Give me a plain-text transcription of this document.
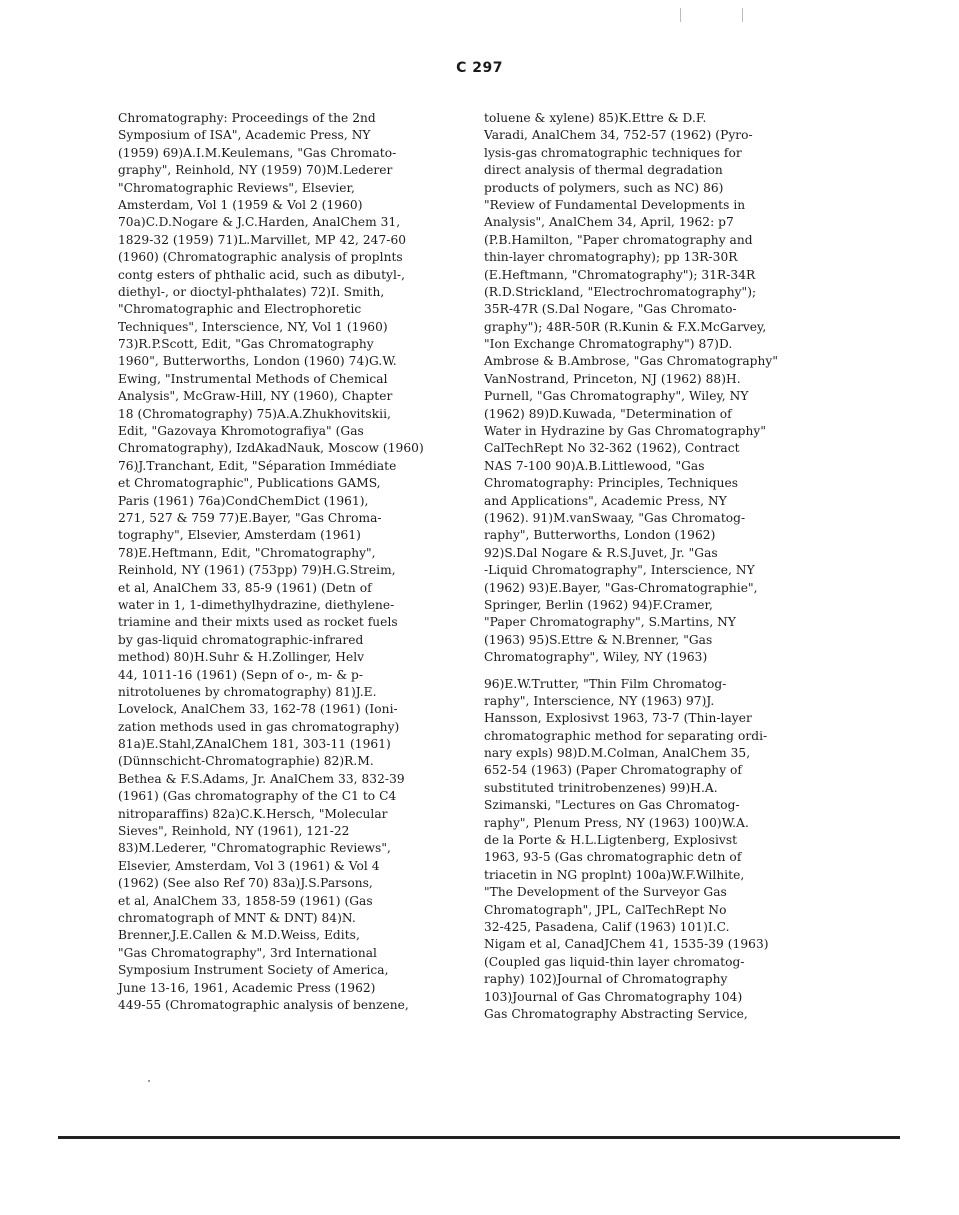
C 297
Chromatography: Proceedings of the 2nd
Symposium of ISA", Academic Press, NY
(1959) 69)A.I.M.Keulemans, "Gas Chromato-
graphy", Reinhold, NY (1959) 70)M.Lederer
"Chromatographic Reviews", Elsevier,
Amsterdam, Vol 1 (1959 & Vol 2 (1960)
70a)C.D.Nogare & J.C.Harden, AnalChem 31,
1829-32 (1959) 71)L.Marvillet, MP 42, 247-60
(1960) (Chromatographic analysis of proplnts
contg esters of phthalic acid, such as dibutyl-,
diethyl-, or dioctyl-phthalates) 72)I. Smith,
"Chromatographic and Electrophoretic
Techniques", Interscience, NY, Vol 1 (1960)
73)R.P.Scott, Edit, "Gas Chromatography
1960", Butterworths, London (1960) 74)G.W.
Ewing, "Instrumental Methods of Chemical
Analysis", McGraw-Hill, NY (1960), Chapter
18 (Chromatography) 75)A.A.Zhukhovitskii,
Edit, "Gazovaya Khromotografiya" (Gas
Chromatography), IzdAkadNauk, Moscow (1960)
76)J.Tranchant, Edit, "Séparation Immédiate
et Chromatographic", Publications GAMS,
Paris (1961) 76a)CondChemDict (1961),
271, 527 & 759 77)E.Bayer, "Gas Chroma-
tography", Elsevier, Amsterdam (1961)
78)E.Heftmann, Edit, "Chromatography",
Reinhold, NY (1961) (753pp) 79)H.G.Streim,
et al, AnalChem 33, 85-9 (1961) (Detn of
water in 1, 1-dimethylhydrazine, diethylene-
triamine and their mixts used as rocket fuels
by gas-liquid chromatographic-infrared
method) 80)H.Suhr & H.Zollinger, Helv
44, 1011-16 (1961) (Sepn of o-, m- & p-
nitrotoluenes by chromatography) 81)J.E.
Lovelock, AnalChem 33, 162-78 (1961) (Ioni-
zation methods used in gas chromatography)
81a)E.Stahl,ZAnalChem 181, 303-11 (1961)
(Dünnschicht-Chromatographie) 82)R.M.
Bethea & F.S.Adams, Jr. AnalChem 33, 832-39
(1961) (Gas chromatography of the C1 to C4
nitroparaffins) 82a)C.K.Hersch, "Molecular
Sieves", Reinhold, NY (1961), 121-22
83)M.Lederer, "Chromatographic Reviews",
Elsevier, Amsterdam, Vol 3 (1961) & Vol 4
(1962) (See also Ref 70) 83a)J.S.Parsons,
et al, AnalChem 33, 1858-59 (1961) (Gas
chromatograph of MNT & DNT) 84)N.
Brenner,J.E.Callen & M.D.Weiss, Edits,
"Gas Chromatography", 3rd International
Symposium Instrument Society of America,
June 13-16, 1961, Academic Press (1962)
449-55 (Chromatographic analysis of benzene,
toluene & xylene) 85)K.Ettre & D.F.
Varadi, AnalChem 34, 752-57 (1962) (Pyro-
lysis-gas chromatographic techniques for
direct analysis of thermal degradation
products of polymers, such as NC) 86)
"Review of Fundamental Developments in
Analysis", AnalChem 34, April, 1962: p7
(P.B.Hamilton, "Paper chromatography and
thin-layer chromatography); pp 13R-30R
(E.Heftmann, "Chromatography"); 31R-34R
(R.D.Strickland, "Electrochromatography");
35R-47R (S.Dal Nogare, "Gas Chromato-
graphy"); 48R-50R (R.Kunin & F.X.McGarvey,
"Ion Exchange Chromatography") 87)D.
Ambrose & B.Ambrose, "Gas Chromatography"
VanNostrand, Princeton, NJ (1962) 88)H.
Purnell, "Gas Chromatography", Wiley, NY
(1962) 89)D.Kuwada, "Determination of
Water in Hydrazine by Gas Chromatography"
CalTechRept No 32-362 (1962), Contract
NAS 7-100 90)A.B.Littlewood, "Gas
Chromatography: Principles, Techniques
and Applications", Academic Press, NY
(1962). 91)M.vanSwaay, "Gas Chromatog-
raphy", Butterworths, London (1962)
92)S.Dal Nogare & R.S.Juvet, Jr. "Gas
-Liquid Chromatography", Interscience, NY
(1962) 93)E.Bayer, "Gas-Chromatographie",
Springer, Berlin (1962) 94)F.Cramer,
"Paper Chromatography", S.Martins, NY
(1963) 95)S.Ettre & N.Brenner, "Gas
Chromatography", Wiley, NY (1963)
96)E.W.Trutter, "Thin Film Chromatog-
raphy", Interscience, NY (1963) 97)J.
Hansson, Explosivst 1963, 73-7 (Thin-layer
chromatographic method for separating ordi-
nary expls) 98)D.M.Colman, AnalChem 35,
652-54 (1963) (Paper Chromatography of
substituted trinitrobenzenes) 99)H.A.
Szimanski, "Lectures on Gas Chromatog-
raphy", Plenum Press, NY (1963) 100)W.A.
de la Porte & H.L.Ligtenberg, Explosivst
1963, 93-5 (Gas chromatographic detn of
triacetin in NG proplnt) 100a)W.F.Wilhite,
"The Development of the Surveyor Gas
Chromatograph", JPL, CalTechRept No
32-425, Pasadena, Calif (1963) 101)I.C.
Nigam et al, CanadJChem 41, 1535-39 (1963)
(Coupled gas liquid-thin layer chromatog-
raphy) 102)Journal of Chromatography
103)Journal of Gas Chromatography 104)
Gas Chromatography Abstracting Service,
